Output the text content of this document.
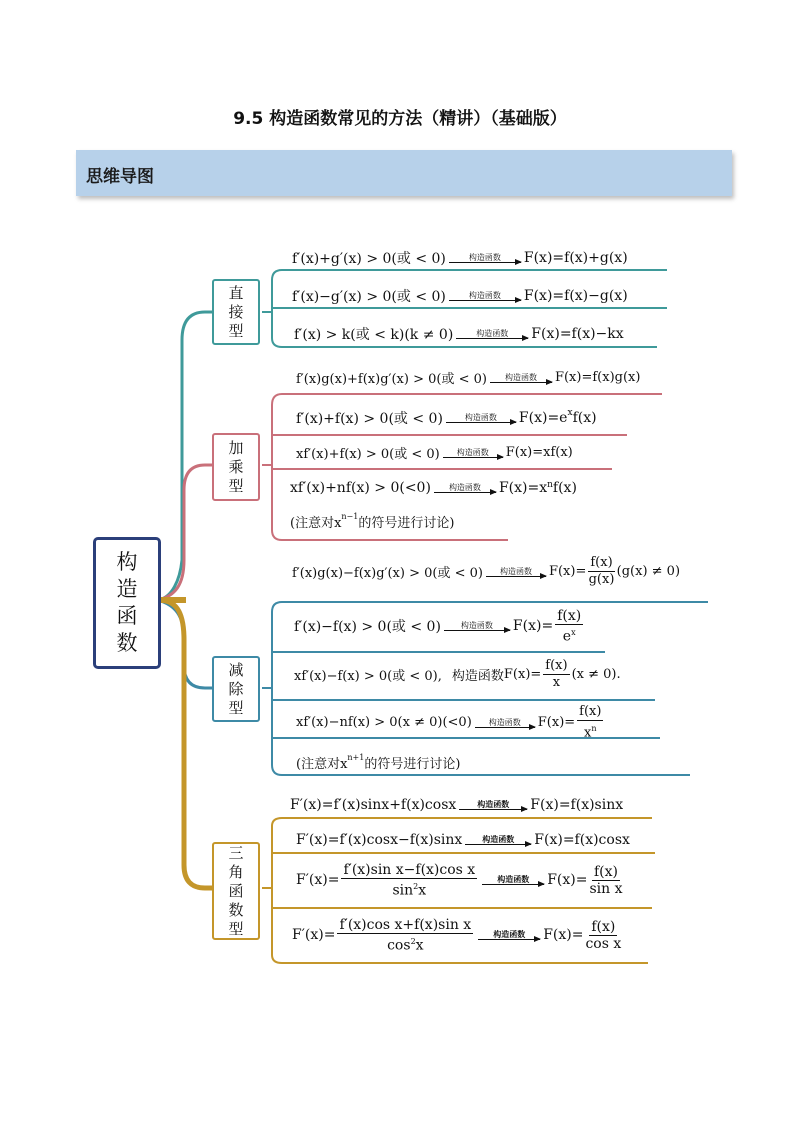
9.5 构造函数常见的方法（精讲）（基础版）
思维导图
构
造
函
数
直
接
型
加
乘
型
减
除
型
三
角
函
数
型
f′(x)+g′(x) > 0(或 < 0)	构造函数 F(x)=f(x)+g(x)
f′(x)−g′(x) > 0(或 < 0)	构造函数 F(x)=f(x)−g(x)
f′(x) > k(或 < k)(k ≠ 0)	构造函数 F(x)=f(x)−kx
f′(x)g(x)+f(x)g′(x) > 0(或 < 0) 构造函数 F(x)=f(x)g(x)
f′(x)+f(x) > 0(或 < 0)	构造函数 $F(x)=e^x$ f(x)
xf′(x)+f(x) > 0(或 < 0) 构造函数 F(x)=xf(x)
xf′(x)+nf(x) > 0(<0) 构造函数 $F(x)=x^n$ f(x)
(注意对$x^{n-1}$ 的符号进行讨论)
f′(x)g(x)−f(x)g′(x) > 0(或 < 0) 构造函数 $F(x)= \frac{f(x)}{g(x)} (g(x) \ne 0)$
f′(x)−f(x) > 0(或 < 0)	构造函数 $F(x)= \frac{f(x)}{e^x}$
xf′(x)−f(x) > 0(或 < 0), 构造函数 $F(x)= \frac{f(x)}{x} (x \ne 0)$.
xf′(x)−nf(x) > 0(x ≠ 0)(<0) 构造函数 $F(x)= \frac{f(x)}{x^n}$
(注意对$x^{n+1}$ 的符号进行讨论)
F′(x)=f′(x)sinx+f(x)cosx	构造函数 F(x)=f(x)sinx
F′(x)=f′(x)cosx−f(x)sinx	构造函数 F(x)=f(x)cosx
$F'(x)= \frac{\text{f′(x)sin x−f(x)cos x}}{\sin^2x}$	构造函数 $F(x)= \frac{f(x)}{\text{sin x}}$
$F'(x)= \frac{\text{f′(x)cos x+f(x)sin x}}{\cos^2x}$	构造函数 $F(x)= \frac{f(x)}{\text{cos x}}$
